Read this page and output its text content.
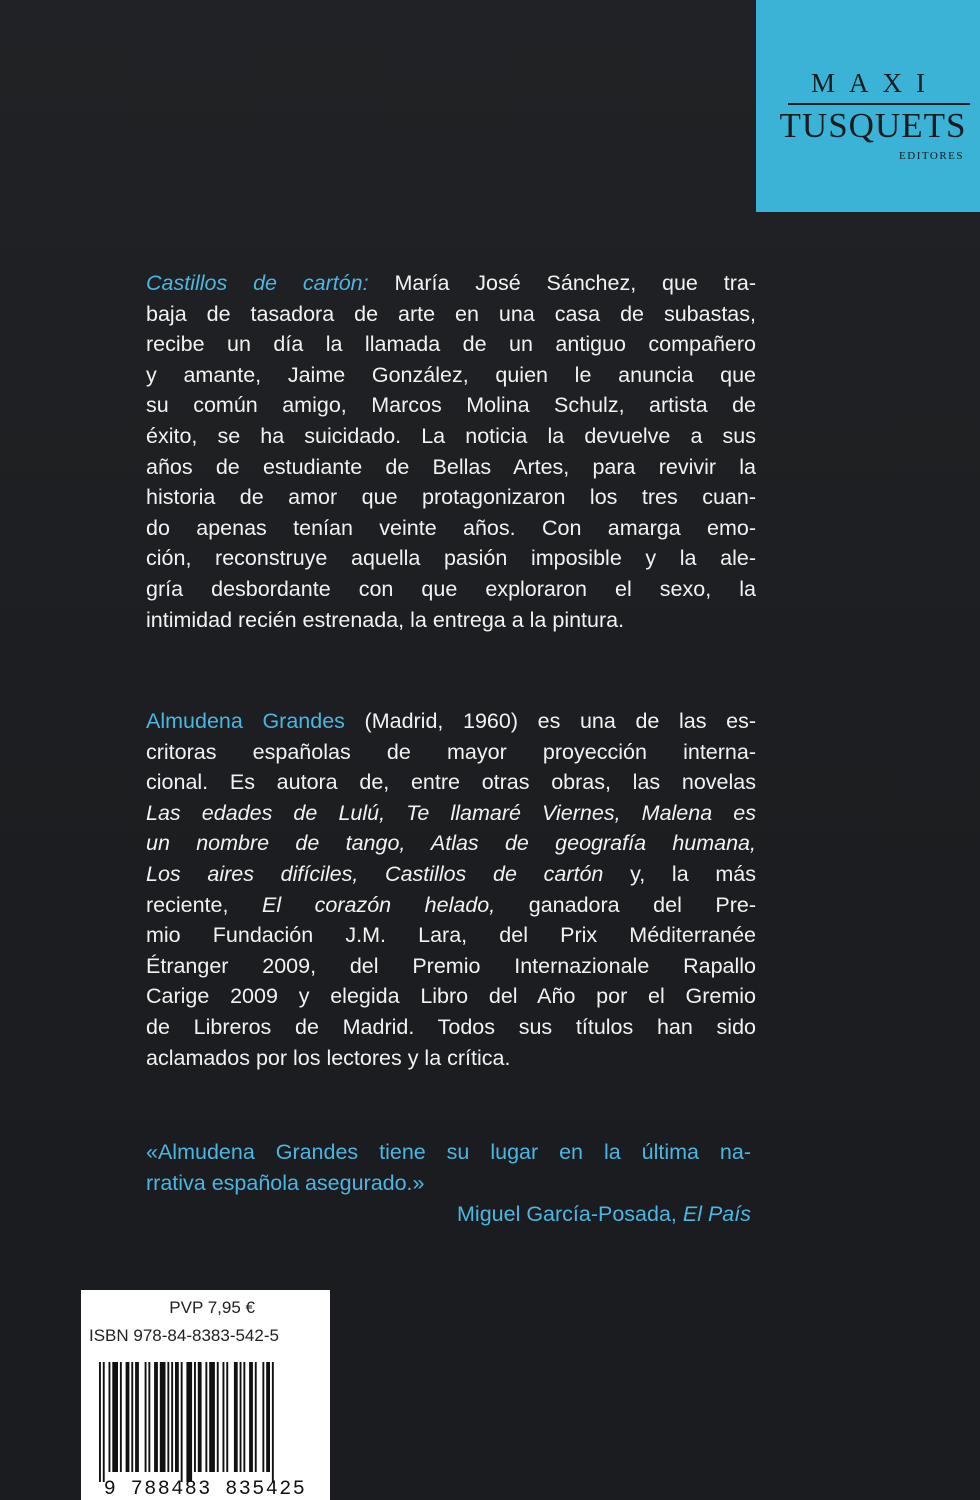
MAXI
TUSQUETS
EDITORES
Castillos de cartón: María José Sánchez, que tra-
baja de tasadora de arte en una casa de subastas,
recibe un día la llamada de un antiguo compañero
y amante, Jaime González, quien le anuncia que
su común amigo, Marcos Molina Schulz, artista de
éxito, se ha suicidado. La noticia la devuelve a sus
años de estudiante de Bellas Artes, para revivir la
historia de amor que protagonizaron los tres cuan-
do apenas tenían veinte años. Con amarga emo-
ción, reconstruye aquella pasión imposible y la ale-
gría desbordante con que exploraron el sexo, la
intimidad recién estrenada, la entrega a la pintura.
Almudena Grandes (Madrid, 1960) es una de las es-
critoras españolas de mayor proyección interna-
cional. Es autora de, entre otras obras, las novelas
Las edades de Lulú, Te llamaré Viernes, Malena es
un nombre de tango, Atlas de geografía humana,
Los aires difíciles, Castillos de cartón y, la más
reciente, El corazón helado, ganadora del Pre-
mio Fundación J.M. Lara, del Prix Méditerranée
Étranger 2009, del Premio Internazionale Rapallo
Carige 2009 y elegida Libro del Año por el Gremio
de Libreros de Madrid. Todos sus títulos han sido
aclamados por los lectores y la crítica.
«Almudena Grandes tiene su lugar en la última na-
rrativa española asegurado.»
Miguel García-Posada, El País
PVP 7,95 €
ISBN 978-84-8383-542-5
9 788483 835425
